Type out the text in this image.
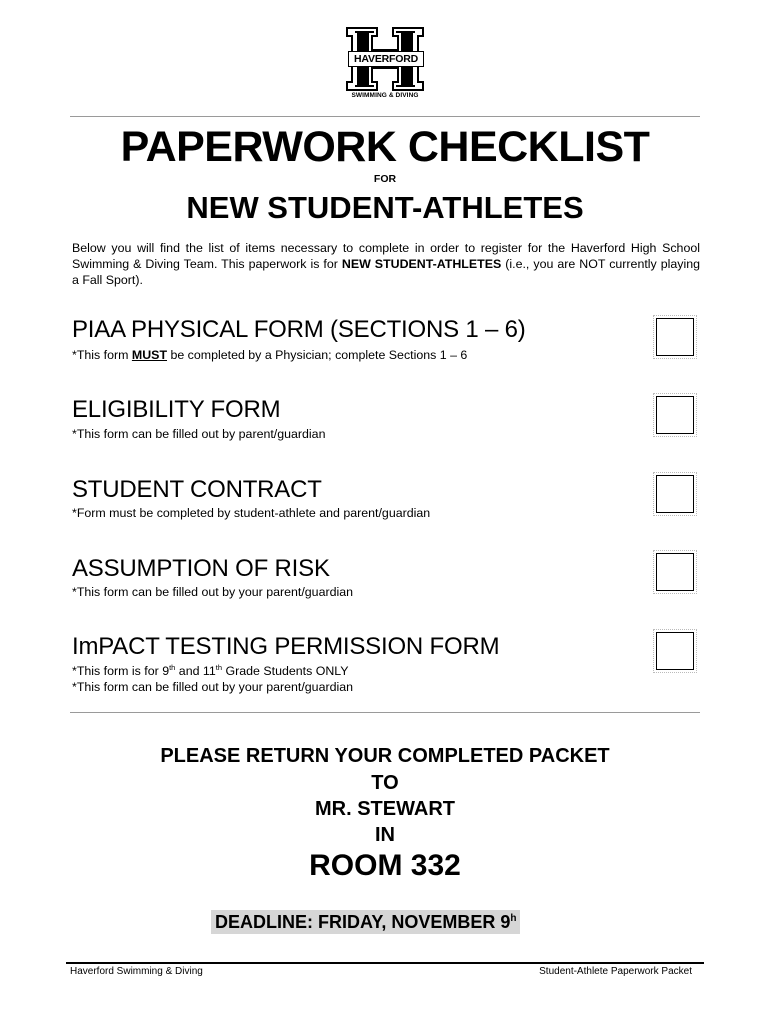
HAVERFORD
SWIMMING & DIVING
PAPERWORK CHECKLIST
FOR
NEW STUDENT-ATHLETES
Below you will find the list of items necessary to complete in order to register for the Haverford High School Swimming & Diving Team. This paperwork is for NEW STUDENT-ATHLETES (i.e., you are NOT currently playing a Fall Sport).
PIAA PHYSICAL FORM (SECTIONS 1 – 6)
*This form MUST be completed by a Physician; complete Sections 1 – 6
ELIGIBILITY FORM
*This form can be filled out by parent/guardian
STUDENT CONTRACT
*Form must be completed by student-athlete and parent/guardian
ASSUMPTION OF RISK
*This form can be filled out by your parent/guardian
ImPACT TESTING PERMISSION FORM
*This form is for 9th and 11th Grade Students ONLY
*This form can be filled out by your parent/guardian
PLEASE RETURN YOUR COMPLETED PACKET
TO
MR. STEWART
IN
ROOM 332
DEADLINE: FRIDAY, NOVEMBER 9$^h$
Haverford Swimming & Diving	Student-Athlete Paperwork Packet
